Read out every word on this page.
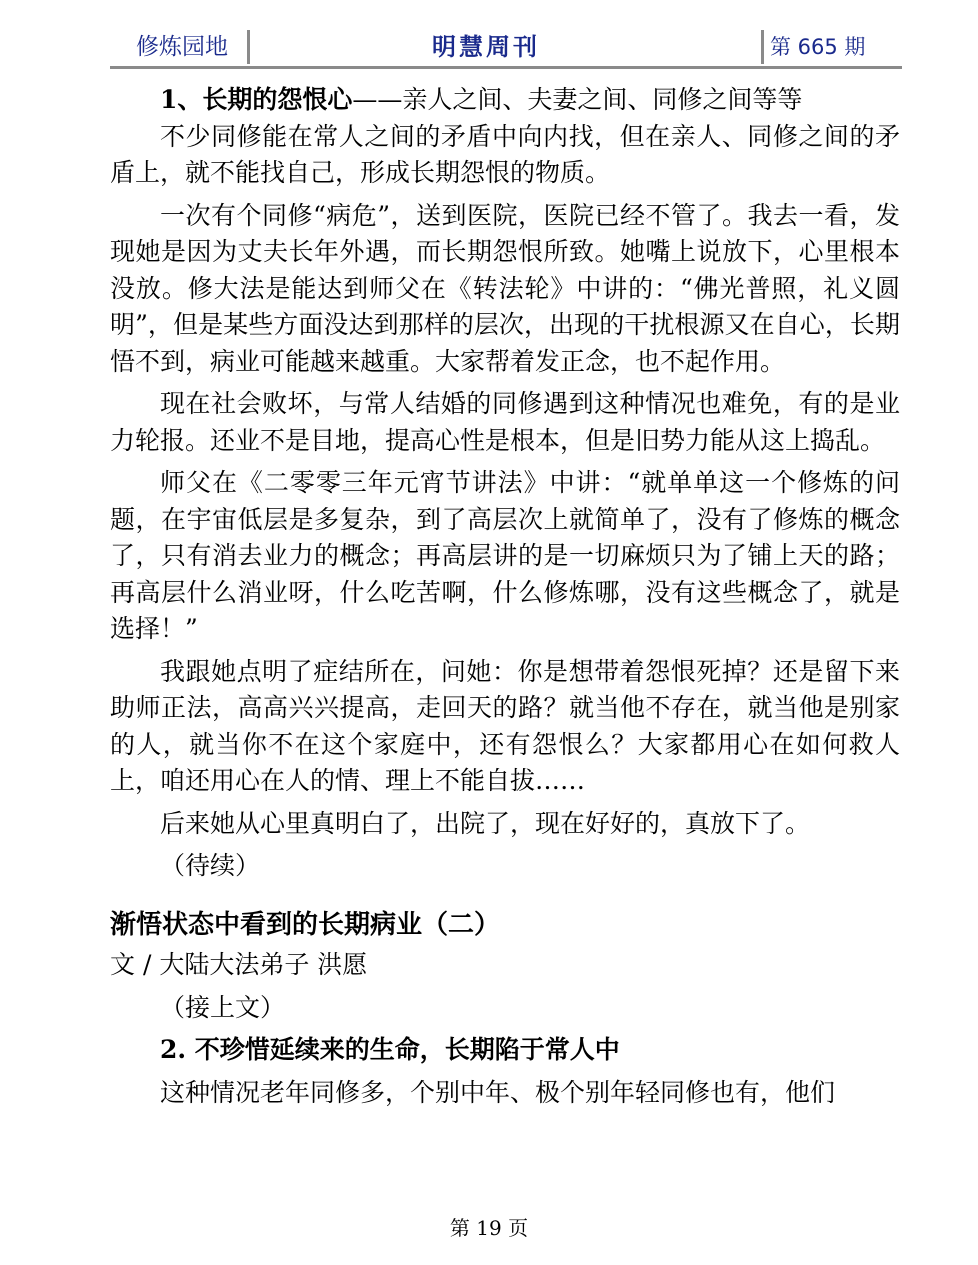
修炼园地	明慧周刊	第 665 期

1、长期的怨恨心——亲人之间、夫妻之间、同修之间等等

不少同修能在常人之间的矛盾中向内找，但在亲人、同修之间的矛盾上，就不能找自己，形成长期怨恨的物质。

一次有个同修“病危”，送到医院，医院已经不管了。我去一看，发现她是因为丈夫长年外遇，而长期怨恨所致。她嘴上说放下，心里根本没放。修大法是能达到师父在《转法轮》中讲的：“佛光普照，礼义圆明”，但是某些方面没达到那样的层次，出现的干扰根源又在自心，长期悟不到，病业可能越来越重。大家帮着发正念，也不起作用。

现在社会败坏，与常人结婚的同修遇到这种情况也难免，有的是业力轮报。还业不是目地，提高心性是根本，但是旧势力能从这上捣乱。

师父在《二零零三年元宵节讲法》中讲：“就单单这一个修炼的问题，在宇宙低层是多复杂，到了高层次上就简单了，没有了修炼的概念了，只有消去业力的概念；再高层讲的是一切麻烦只为了铺上天的路；再高层什么消业呀，什么吃苦啊，什么修炼哪，没有这些概念了，就是选择！”

我跟她点明了症结所在，问她：你是想带着怨恨死掉？还是留下来助师正法，高高兴兴提高，走回天的路？就当他不存在，就当他是别家的人，就当你不在这个家庭中，还有怨恨么？大家都用心在如何救人上，咱还用心在人的情、理上不能自拔……

后来她从心里真明白了，出院了，现在好好的，真放下了。

（待续）

渐悟状态中看到的长期病业（二）

文 / 大陆大法弟子 洪愿

（接上文）

2. 不珍惜延续来的生命，长期陷于常人中

这种情况老年同修多，个别中年、极个别年轻同修也有，他们

第 19 页
